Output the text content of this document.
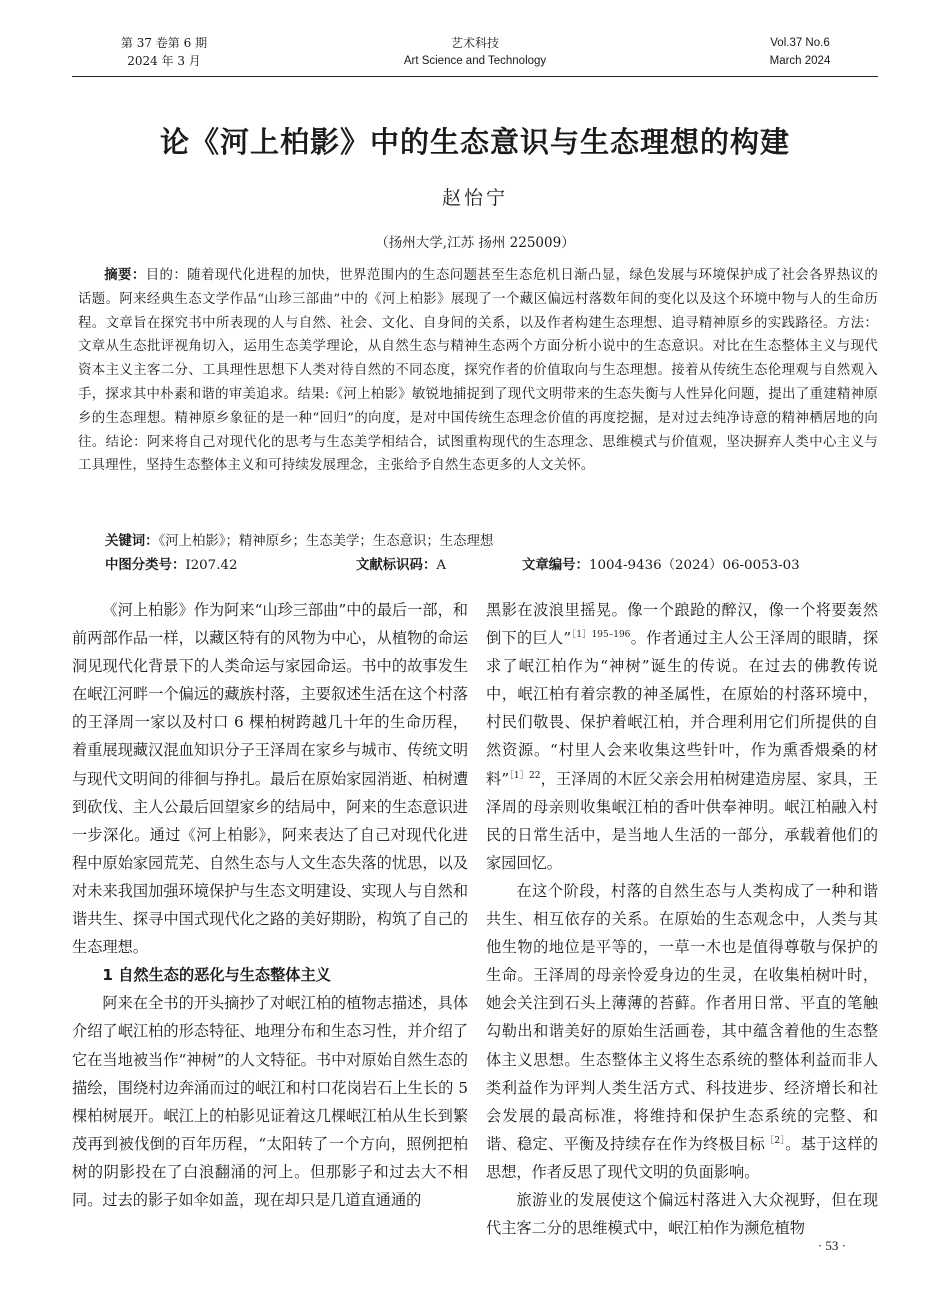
第 37 卷第 6 期
2024 年 3 月
艺术科技
Art Science and Technology
Vol.37 No.6
March 2024
论《河上柏影》中的生态意识与生态理想的构建
赵怡宁
（扬州大学,江苏 扬州 225009）

摘要：目的：随着现代化进程的加快，世界范围内的生态问题甚至生态危机日渐凸显，绿色发展与环境保护成了社会各界热议的话题。阿来经典生态文学作品“山珍三部曲”中的《河上柏影》展现了一个藏区偏远村落数年间的变化以及这个环境中物与人的生命历程。文章旨在探究书中所表现的人与自然、社会、文化、自身间的关系，以及作者构建生态理想、追寻精神原乡的实践路径。方法：文章从生态批评视角切入，运用生态美学理论，从自然生态与精神生态两个方面分析小说中的生态意识。对比在生态整体主义与现代资本主义主客二分、工具理性思想下人类对待自然的不同态度，探究作者的价值取向与生态理想。接着从传统生态伦理观与自然观入手，探求其中朴素和谐的审美追求。结果:《河上柏影》敏锐地捕捉到了现代文明带来的生态失衡与人性异化问题，提出了重建精神原乡的生态理想。精神原乡象征的是一种“回归”的向度，是对中国传统生态理念价值的再度挖掘，是对过去纯净诗意的精神栖居地的向往。结论：阿来将自己对现代化的思考与生态美学相结合，试图重构现代的生态理念、思维模式与价值观，坚决摒弃人类中心主义与工具理性，坚持生态整体主义和可持续发展理念，主张给予自然生态更多的人文关怀。

关键词：《河上柏影》；精神原乡；生态美学；生态意识；生态理想

中图分类号：I207.42	文献标识码：A	文章编号：1004-9436（2024）06-0053-03

《河上柏影》作为阿来“山珍三部曲”中的最后一部，和前两部作品一样，以藏区特有的风物为中心，从植物的命运洞见现代化背景下的人类命运与家园命运。书中的故事发生在岷江河畔一个偏远的藏族村落，主要叙述生活在这个村落的王泽周一家以及村口 6 棵柏树跨越几十年的生命历程，着重展现藏汉混血知识分子王泽周在家乡与城市、传统文明与现代文明间的徘徊与挣扎。最后在原始家园消逝、柏树遭到砍伐、主人公最后回望家乡的结局中，阿来的生态意识进一步深化。通过《河上柏影》，阿来表达了自己对现代化进程中原始家园荒芜、自然生态与人文生态失落的忧思，以及对未来我国加强环境保护与生态文明建设、实现人与自然和谐共生、探寻中国式现代化之路的美好期盼，构筑了自己的生态理想。

1 自然生态的恶化与生态整体主义

阿来在全书的开头摘抄了对岷江柏的植物志描述，具体介绍了岷江柏的形态特征、地理分布和生态习性，并介绍了它在当地被当作“神树”的人文特征。书中对原始自然生态的描绘，围绕村边奔涌而过的岷江和村口花岗岩石上生长的 5 棵柏树展开。岷江上的柏影见证着这几棵岷江柏从生长到繁茂再到被伐倒的百年历程，“太阳转了一个方向，照例把柏树的阴影投在了白浪翻涌的河上。但那影子和过去大不相同。过去的影子如伞如盖，现在却只是几道直通通的

黑影在波浪里摇晃。像一个踉跄的醉汉，像一个将要轰然倒下的巨人”$^{[1]195-196}$。作者通过主人公王泽周的眼睛，探求了岷江柏作为“神树”诞生的传说。在过去的佛教传说中，岷江柏有着宗教的神圣属性，在原始的村落环境中，村民们敬畏、保护着岷江柏，并合理利用它们所提供的自然资源。“村里人会来收集这些针叶，作为熏香煨桑的材料”$^{[1]22}$，王泽周的木匠父亲会用柏树建造房屋、家具，王泽周的母亲则收集岷江柏的香叶供奉神明。岷江柏融入村民的日常生活中，是当地人生活的一部分，承载着他们的家园回忆。

在这个阶段，村落的自然生态与人类构成了一种和谐共生、相互依存的关系。在原始的生态观念中，人类与其他生物的地位是平等的，一草一木也是值得尊敬与保护的生命。王泽周的母亲怜爱身边的生灵，在收集柏树叶时，她会关注到石头上薄薄的苔藓。作者用日常、平直的笔触勾勒出和谐美好的原始生活画卷，其中蕴含着他的生态整体主义思想。生态整体主义将生态系统的整体利益而非人类利益作为评判人类生活方式、科技进步、经济增长和社会发展的最高标准，将维持和保护生态系统的完整、和谐、稳定、平衡及持续存在作为终极目标$^{[2]}$。基于这样的思想，作者反思了现代文明的负面影响。

旅游业的发展使这个偏远村落进入大众视野，但在现代主客二分的思维模式中，岷江柏作为濒危植物

· 53 ·
